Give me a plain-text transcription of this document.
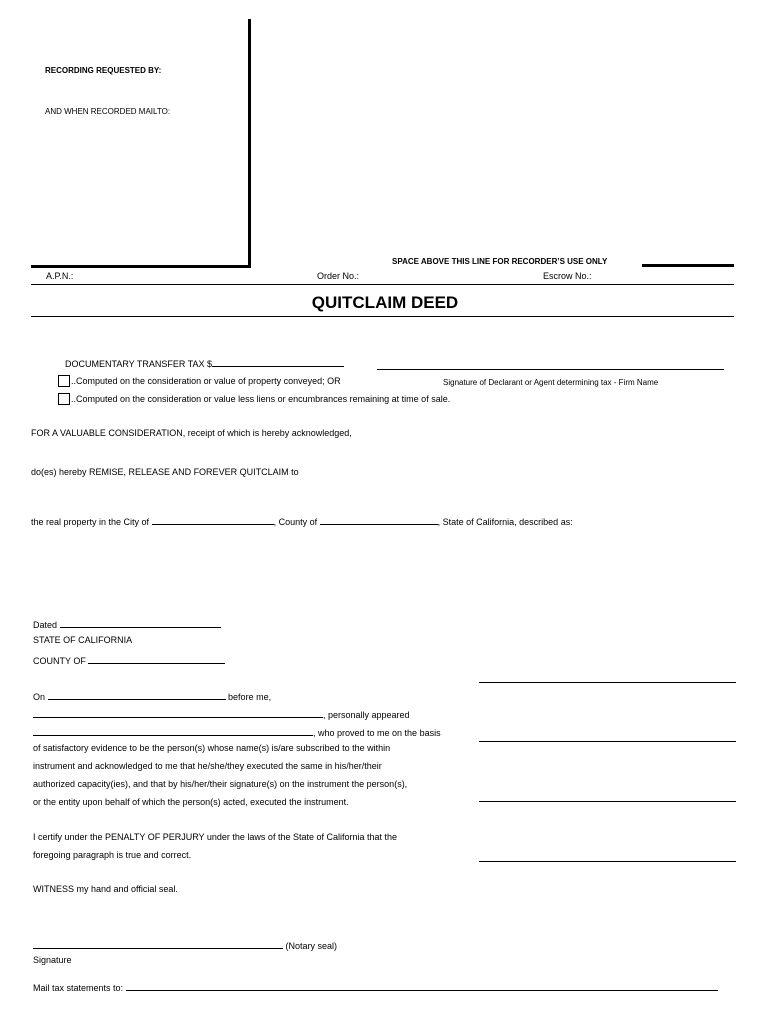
RECORDING REQUESTED BY:
AND WHEN RECORDED MAILTO:
SPACE ABOVE THIS LINE FOR RECORDER’S USE ONLY
A.P.N.:	Order No.:	Escrow No.:
QUITCLAIM DEED
DOCUMENTARY TRANSFER TAX $
..Computed on the consideration or value of property conveyed; OR	Signature of Declarant or Agent determining tax - Firm Name
..Computed on the consideration or value less liens or encumbrances remaining at time of sale.
FOR A VALUABLE CONSIDERATION, receipt of which is hereby acknowledged,
do(es) hereby REMISE, RELEASE AND FOREVER QUITCLAIM to
the real property in the City of	, County of	, State of California, described as:
Dated
STATE OF CALIFORNIA
COUNTY OF
On	before me,
, personally appeared
, who proved to me on the basis
of satisfactory evidence to be the person(s) whose name(s) is/are subscribed to the within
instrument and acknowledged to me that he/she/they executed the same in his/her/their
authorized capacity(ies), and that by his/her/their signature(s) on the instrument the person(s),
or the entity upon behalf of which the person(s) acted, executed the instrument.
I certify under the PENALTY OF PERJURY under the laws of the State of California that the
foregoing paragraph is true and correct.
WITNESS my hand and official seal.
(Notary seal)
Signature
Mail tax statements to:
